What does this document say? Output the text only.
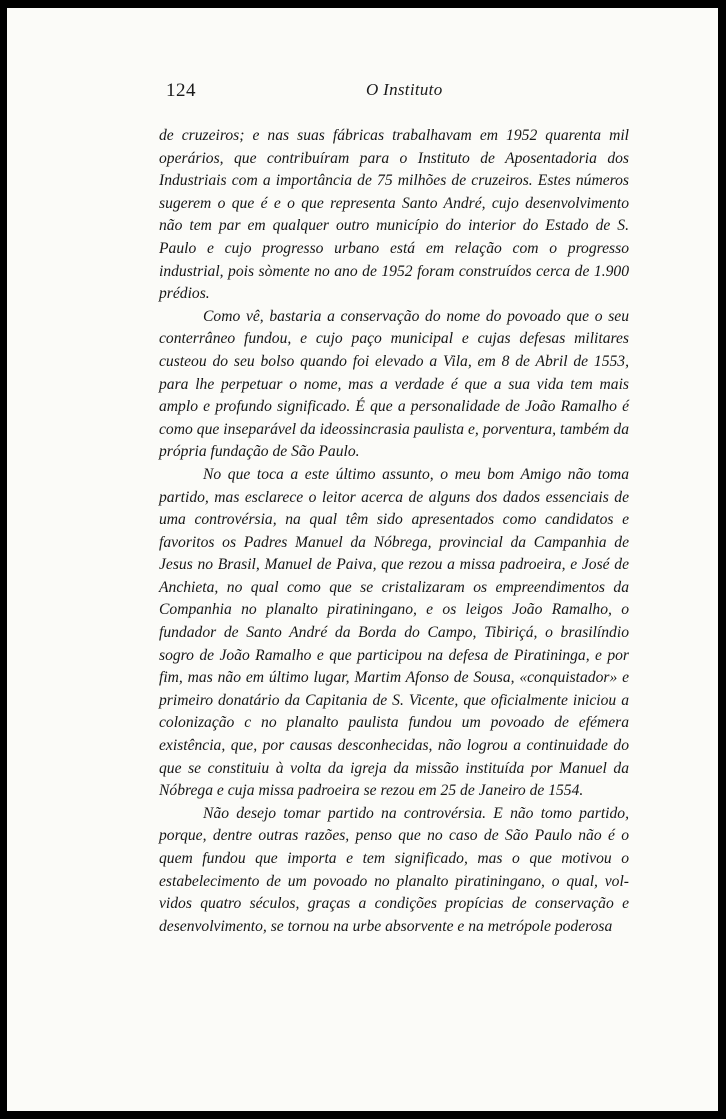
124	O Instituto

de cruzeiros; e nas suas fábricas trabalhavam em 1952 quarenta mil operários, que contribuíram para o Instituto de Aposentadoria dos Industriais com a importância de 75 milhões de cruzeiros. Estes números sugerem o que é e o que representa Santo André, cujo desenvolvimento não tem par em qualquer outro município do interior do Estado de S. Paulo e cujo progresso urbano está em relação com o progresso industrial, pois sòmente no ano de 1952 foram construídos cerca de 1.900 prédios.

Como vê, bastaria a conservação do nome do povoado que o seu conterrâneo fundou, e cujo paço municipal e cujas defesas militares custeou do seu bolso quando foi elevado a Vila, em 8 de Abril de 1553, para lhe perpetuar o nome, mas a verdade é que a sua vida tem mais amplo e profundo significado. É que a personalidade de João Ramalho é como que inseparável da ideossincrasia paulista e, porventura, também da própria fundação de São Paulo.

No que toca a este último assunto, o meu bom Amigo não toma partido, mas esclarece o leitor acerca de alguns dos dados essenciais de uma controvérsia, na qual têm sido apresentados como candidatos e favoritos os Padres Manuel da Nóbrega, provincial da Campanhia de Jesus no Brasil, Manuel de Paiva, que rezou a missa padroeira, e José de Anchieta, no qual como que se cristalizaram os empreendimentos da Companhia no planalto piratiningano, e os leigos João Ramalho, o fundador de Santo André da Borda do Campo, Tibiriçá, o brasilíndio sogro de João Ramalho e que participou na defesa de Piratininga, e por fim, mas não em último lugar, Martim Afonso de Sousa, «conquistador» e primeiro donatário da Capitania de S. Vicente, que oficialmente iniciou a colonização c no planalto paulista fundou um povoado de efémera existência, que, por causas desconhecidas, não logrou a continuidade do que se constituiu à volta da igreja da missão instituída por Manuel da Nóbrega e cuja missa padroeira se rezou em 25 de Janeiro de 1554.

Não desejo tomar partido na controvérsia. E não tomo partido, porque, dentre outras razões, penso que no caso de São Paulo não é o quem fundou que importa e tem significado, mas o que motivou o estabelecimento de um povoado no planalto piratiningano, o qual, volvidos quatro séculos, graças a condições propícias de conservação e desenvolvimento, se tornou na urbe absorvente e na metrópole poderosa
